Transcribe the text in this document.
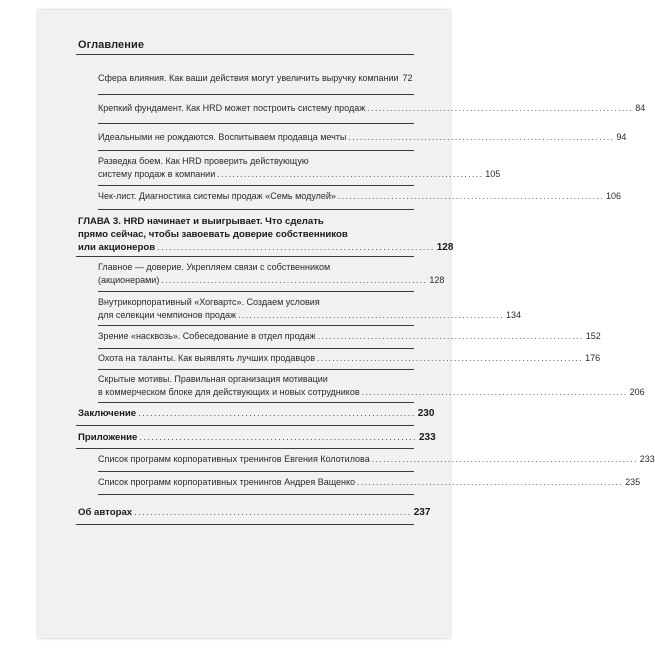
Оглавление
Сфера влияния. Как ваши действия могут увеличить выручку компании 72
Крепкий фундамент. Как HRD может построить систему продаж ...................................................................... 84
Идеальными не рождаются. Воспитываем продавца мечты ...................................................................... 94
Разведка боем. Как HRD проверить действующую
систему продаж в компании ...................................................................... 105
Чек-лист. Диагностика системы продаж «Семь модулей» ...................................................................... 106
ГЛАВА 3. HRD начинает и выигрывает. Что сделать
прямо сейчас, чтобы завоевать доверие собственников
или акционеров ...................................................................... 128
Главное — доверие. Укрепляем связи с собственником
(акционерами) ...................................................................... 128
Внутрикорпоративный «Хогвартс». Создаем условия
для селекции чемпионов продаж ...................................................................... 134
Зрение «насквозь». Собеседование в отдел продаж ...................................................................... 152
Охота на таланты. Как выявлять лучших продавцов ...................................................................... 176
Скрытые мотивы. Правильная организация мотивации
в коммерческом блоке для действующих и новых сотрудников ...................................................................... 206
Заключение ...................................................................... 230
Приложение ...................................................................... 233
Список программ корпоративных тренингов Евгения Колотилова ...................................................................... 233
Список программ корпоративных тренингов Андрея Ващенко ...................................................................... 235
Об авторах ...................................................................... 237
